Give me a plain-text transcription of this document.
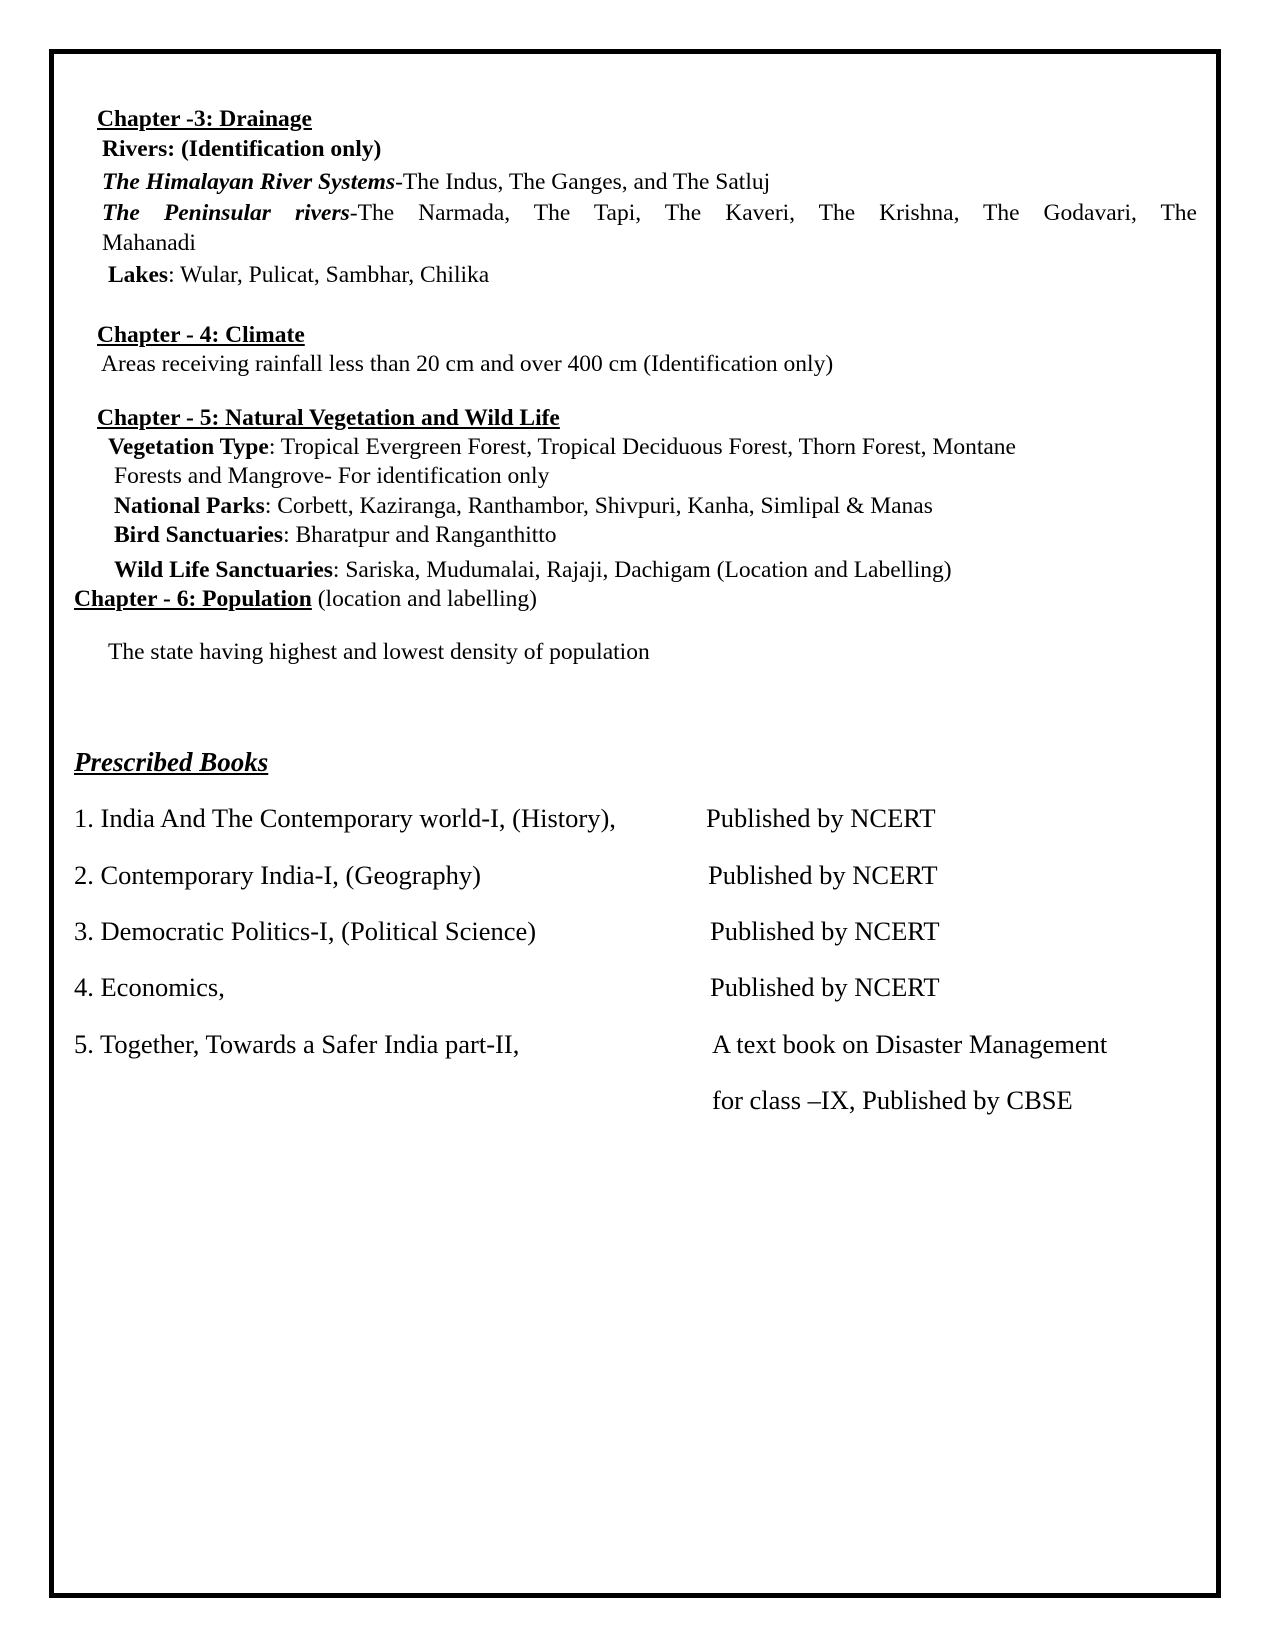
Chapter -3: Drainage
Rivers: (Identification only)
The Himalayan River Systems-The Indus, The Ganges, and The Satluj
The Peninsular rivers-The Narmada, The Tapi, The Kaveri, The Krishna, The Godavari, The
Mahanadi
Lakes: Wular, Pulicat, Sambhar, Chilika
Chapter - 4: Climate
Areas receiving rainfall less than 20 cm and over 400 cm (Identification only)
Chapter - 5: Natural Vegetation and Wild Life
Vegetation Type: Tropical Evergreen Forest, Tropical Deciduous Forest, Thorn Forest, Montane
Forests and Mangrove- For identification only
National Parks: Corbett, Kaziranga, Ranthambor, Shivpuri, Kanha, Simlipal & Manas
Bird Sanctuaries: Bharatpur and Ranganthitto
Wild Life Sanctuaries: Sariska, Mudumalai, Rajaji, Dachigam (Location and Labelling)
Chapter - 6: Population (location and labelling)
The state having highest and lowest density of population
Prescribed Books
1. India And The Contemporary world-I, (History),	Published by NCERT
2. Contemporary India-I, (Geography)	Published by NCERT
3. Democratic Politics-I, (Political Science)	Published by NCERT
4. Economics,	Published by NCERT
5. Together, Towards a Safer India part-II,	A text book on Disaster Management
for class –IX, Published by CBSE
